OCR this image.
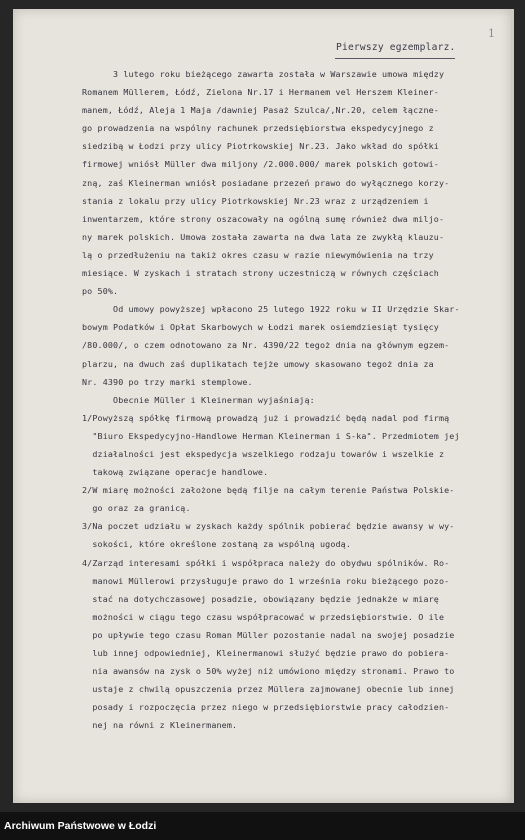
1
Pierwszy egzemplarz.
3 lutego roku bieżącego zawarta została w Warszawie umowa między
Romanem Müllerem, Łódź, Zielona Nr.17 i Hermanem vel Herszem Kleiner-
manem, Łódź, Aleja 1 Maja /dawniej Pasaż Szulca/,Nr.20, celem łączne-
go prowadzenia na wspólny rachunek przedsiębiorstwa ekspedycyjnego z
siedzibą w Łodzi przy ulicy Piotrkowskiej Nr.23. Jako wkład do spółki
firmowej wniósł Müller dwa miljony /2.000.000/ marek polskich gotowi-
zną, zaś Kleinerman wniósł posiadane przezeń prawo do wyłącznego korzy-
stania z lokalu przy ulicy Piotrkowskiej Nr.23 wraz z urządzeniem i
inwentarzem, które strony oszacowały na ogólną sumę również dwa miljo-
ny marek polskich. Umowa została zawarta na dwa lata ze zwykłą klauzu-
lą o przedłużeniu na takiż okres czasu w razie niewymówienia na trzy
miesiące. W zyskach i stratach strony uczestniczą w równych częściach
po 50%.
Od umowy powyższej wpłacono 25 lutego 1922 roku w II Urzędzie Skar-
bowym Podatków i Opłat Skarbowych w Łodzi marek osiemdziesiąt tysięcy
/80.000/, o czem odnotowano za Nr. 4390/22 tegoż dnia na głównym egzem-
plarzu, na dwuch zaś duplikatach tejże umowy skasowano tegoż dnia za
Nr. 4390 po trzy marki stemplowe.
Obecnie Müller i Kleinerman wyjaśniają:
1/Powyższą spółkę firmową prowadzą już i prowadzić będą nadal pod firmą
"Biuro Ekspedycyjno-Handlowe Herman Kleinerman i S-ka". Przedmiotem jej
działalności jest ekspedycja wszelkiego rodzaju towarów i wszelkie z
takową związane operacje handlowe.
2/W miarę możności założone będą filje na całym terenie Państwa Polskie-
go oraz za granicą.
3/Na poczet udziału w zyskach każdy spólnik pobierać będzie awansy w wy-
sokości, które określone zostaną za wspólną ugodą.
4/Zarząd interesami spółki i współpraca należy do obydwu spólników. Ro-
manowi Müllerowi przysługuje prawo do 1 września roku bieżącego pozo-
stać na dotychczasowej posadzie, obowiązany będzie jednakże w miarę
możności w ciągu tego czasu współpracować w przedsiębiorstwie. O ile
po upływie tego czasu Roman Müller pozostanie nadal na swojej posadzie
lub innej odpowiedniej, Kleinermanowi służyć będzie prawo do pobiera-
nia awansów na zysk o 50% wyżej niż umówiono między stronami. Prawo to
ustaje z chwilą opuszczenia przez Müllera zajmowanej obecnie lub innej
posady i rozpoczęcia przez niego w przedsiębiorstwie pracy całodzien-
nej na równi z Kleinermanem.
Archiwum Państwowe w Łodzi
